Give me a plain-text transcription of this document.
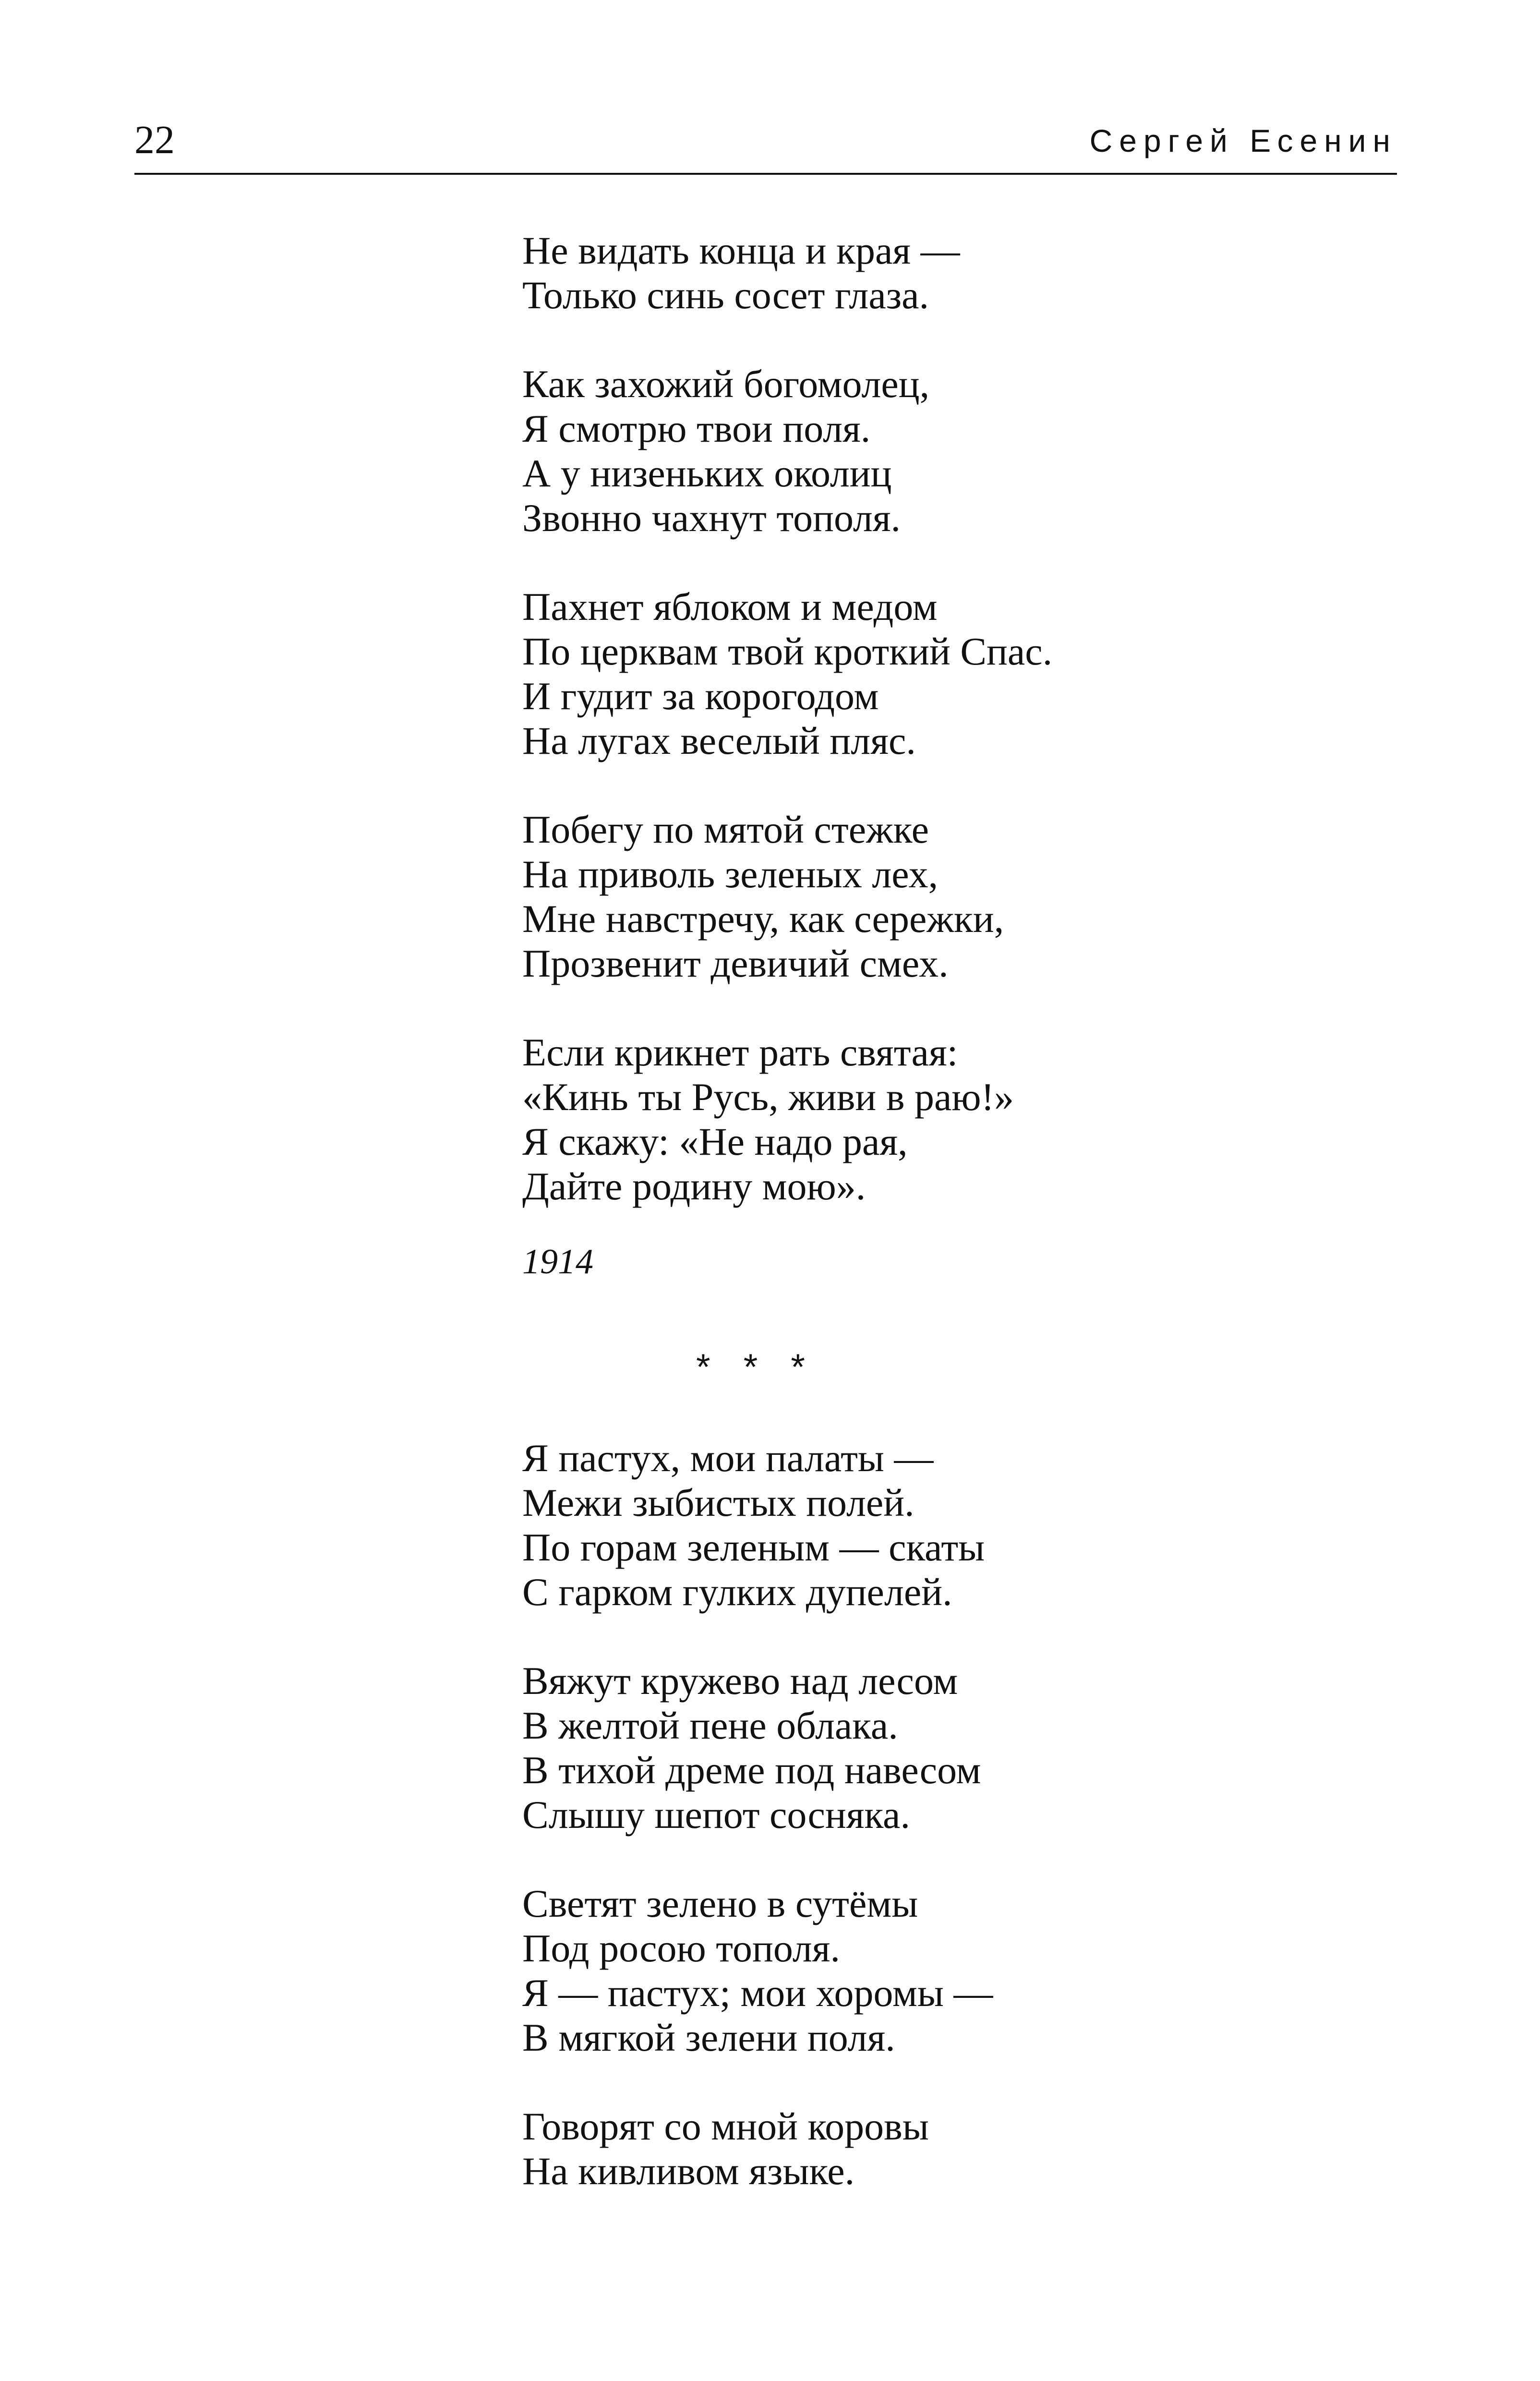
22	Сергей Есенин
Не видать конца и края —
Только синь сосет глаза.
Как захожий богомолец,
Я смотрю твои поля.
А у низеньких околиц
Звонно чахнут тополя.
Пахнет яблоком и медом
По церквам твой кроткий Спас.
И гудит за корогодом
На лугах веселый пляс.
Побегу по мятой стежке
На приволь зеленых лех,
Мне навстречу, как сережки,
Прозвенит девичий смех.
Если крикнет рать святая:
«Кинь ты Русь, живи в раю!»
Я скажу: «Не надо рая,
Дайте родину мою».
1914
* * *
Я пастух, мои палаты —
Межи зыбистых полей.
По горам зеленым — скаты
С гарком гулких дупелей.
Вяжут кружево над лесом
В желтой пене облака.
В тихой дреме под навесом
Слышу шепот сосняка.
Светят зелено в сутёмы
Под росою тополя.
Я — пастух; мои хоромы —
В мягкой зелени поля.
Говорят со мной коровы
На кивливом языке.
